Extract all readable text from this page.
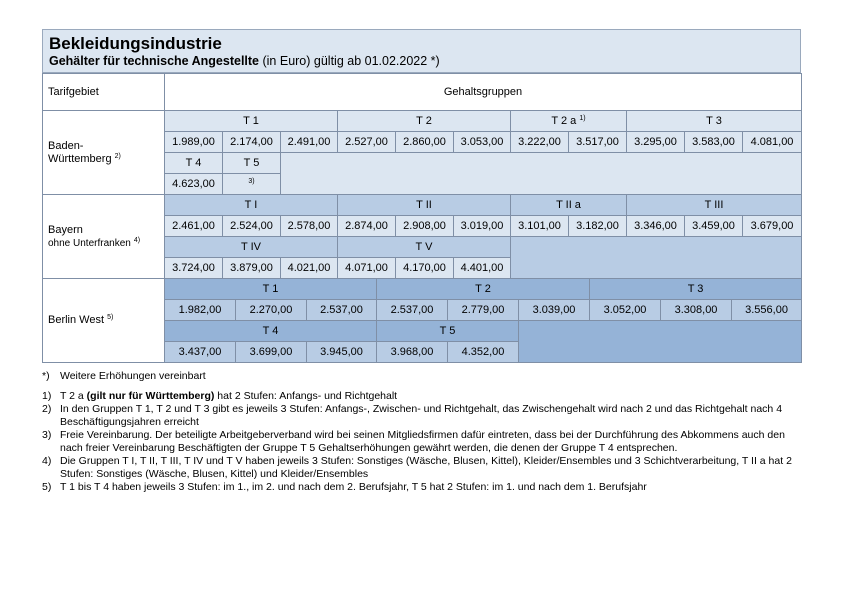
Bekleidungsindustrie
Gehälter für technische Angestellte (in Euro) gültig ab 01.02.2022 *)
Tarifgebiet	Gehaltsgruppen										
Baden-
Württemberg $^{2)}$	T 1			T 2			T 2 a $^{1)}$		T 3		
	1.989,00	2.174,00	2.491,00	2.527,00	2.860,00	3.053,00	3.222,00	3.517,00	3.295,00	3.583,00	4.081,00
	T 4	T 5									
	4.623,00	$^{3)}$
Bayern
ohne Unterfranken $^{4)}$	T I			T II			T II a		T III		
	2.461,00	2.524,00	2.578,00	2.874,00	2.908,00	3.019,00	3.101,00	3.182,00	3.346,00	3.459,00	3.679,00
	T IV			T V							
	3.724,00	3.879,00	4.021,00	4.071,00	4.170,00	4.401,00					
Berlin West $^{5)}$	T 1			T 2			T 3		
	1.982,00	2.270,00	2.537,00	2.537,00	2.779,00	3.039,00	3.052,00	3.308,00	3.556,00
	T 4			T 5					
	3.437,00	3.699,00	3.945,00	3.968,00	4.352,00				
*) Weitere Erhöhungen vereinbart
1) T 2 a (gilt nur für Württemberg) hat 2 Stufen: Anfangs- und Richtgehalt
2) In den Gruppen T 1, T 2 und T 3 gibt es jeweils 3 Stufen: Anfangs-, Zwischen- und Richtgehalt, das Zwischengehalt wird nach 2 und das Richtgehalt nach 4 Beschäftigungsjahren erreicht
3) Freie Vereinbarung. Der beteiligte Arbeitgeberverband wird bei seinen Mitgliedsfirmen dafür eintreten, dass bei der Durchführung des Abkommens auch den nach freier Vereinbarung Beschäftigten der Gruppe T 5 Gehaltserhöhungen gewährt werden, die denen der Gruppe T 4 entsprechen.
4) Die Gruppen T I, T II, T III, T IV und T V haben jeweils 3 Stufen: Sonstiges (Wäsche, Blusen, Kittel), Kleider/Ensembles und 3 Schichtverarbeitung, T II a hat 2 Stufen: Sonstiges (Wäsche, Blusen, Kittel) und Kleider/Ensembles
5) T 1 bis T 4 haben jeweils 3 Stufen: im 1., im 2. und nach dem 2. Berufsjahr, T 5 hat 2 Stufen: im 1. und nach dem 1. Berufsjahr
